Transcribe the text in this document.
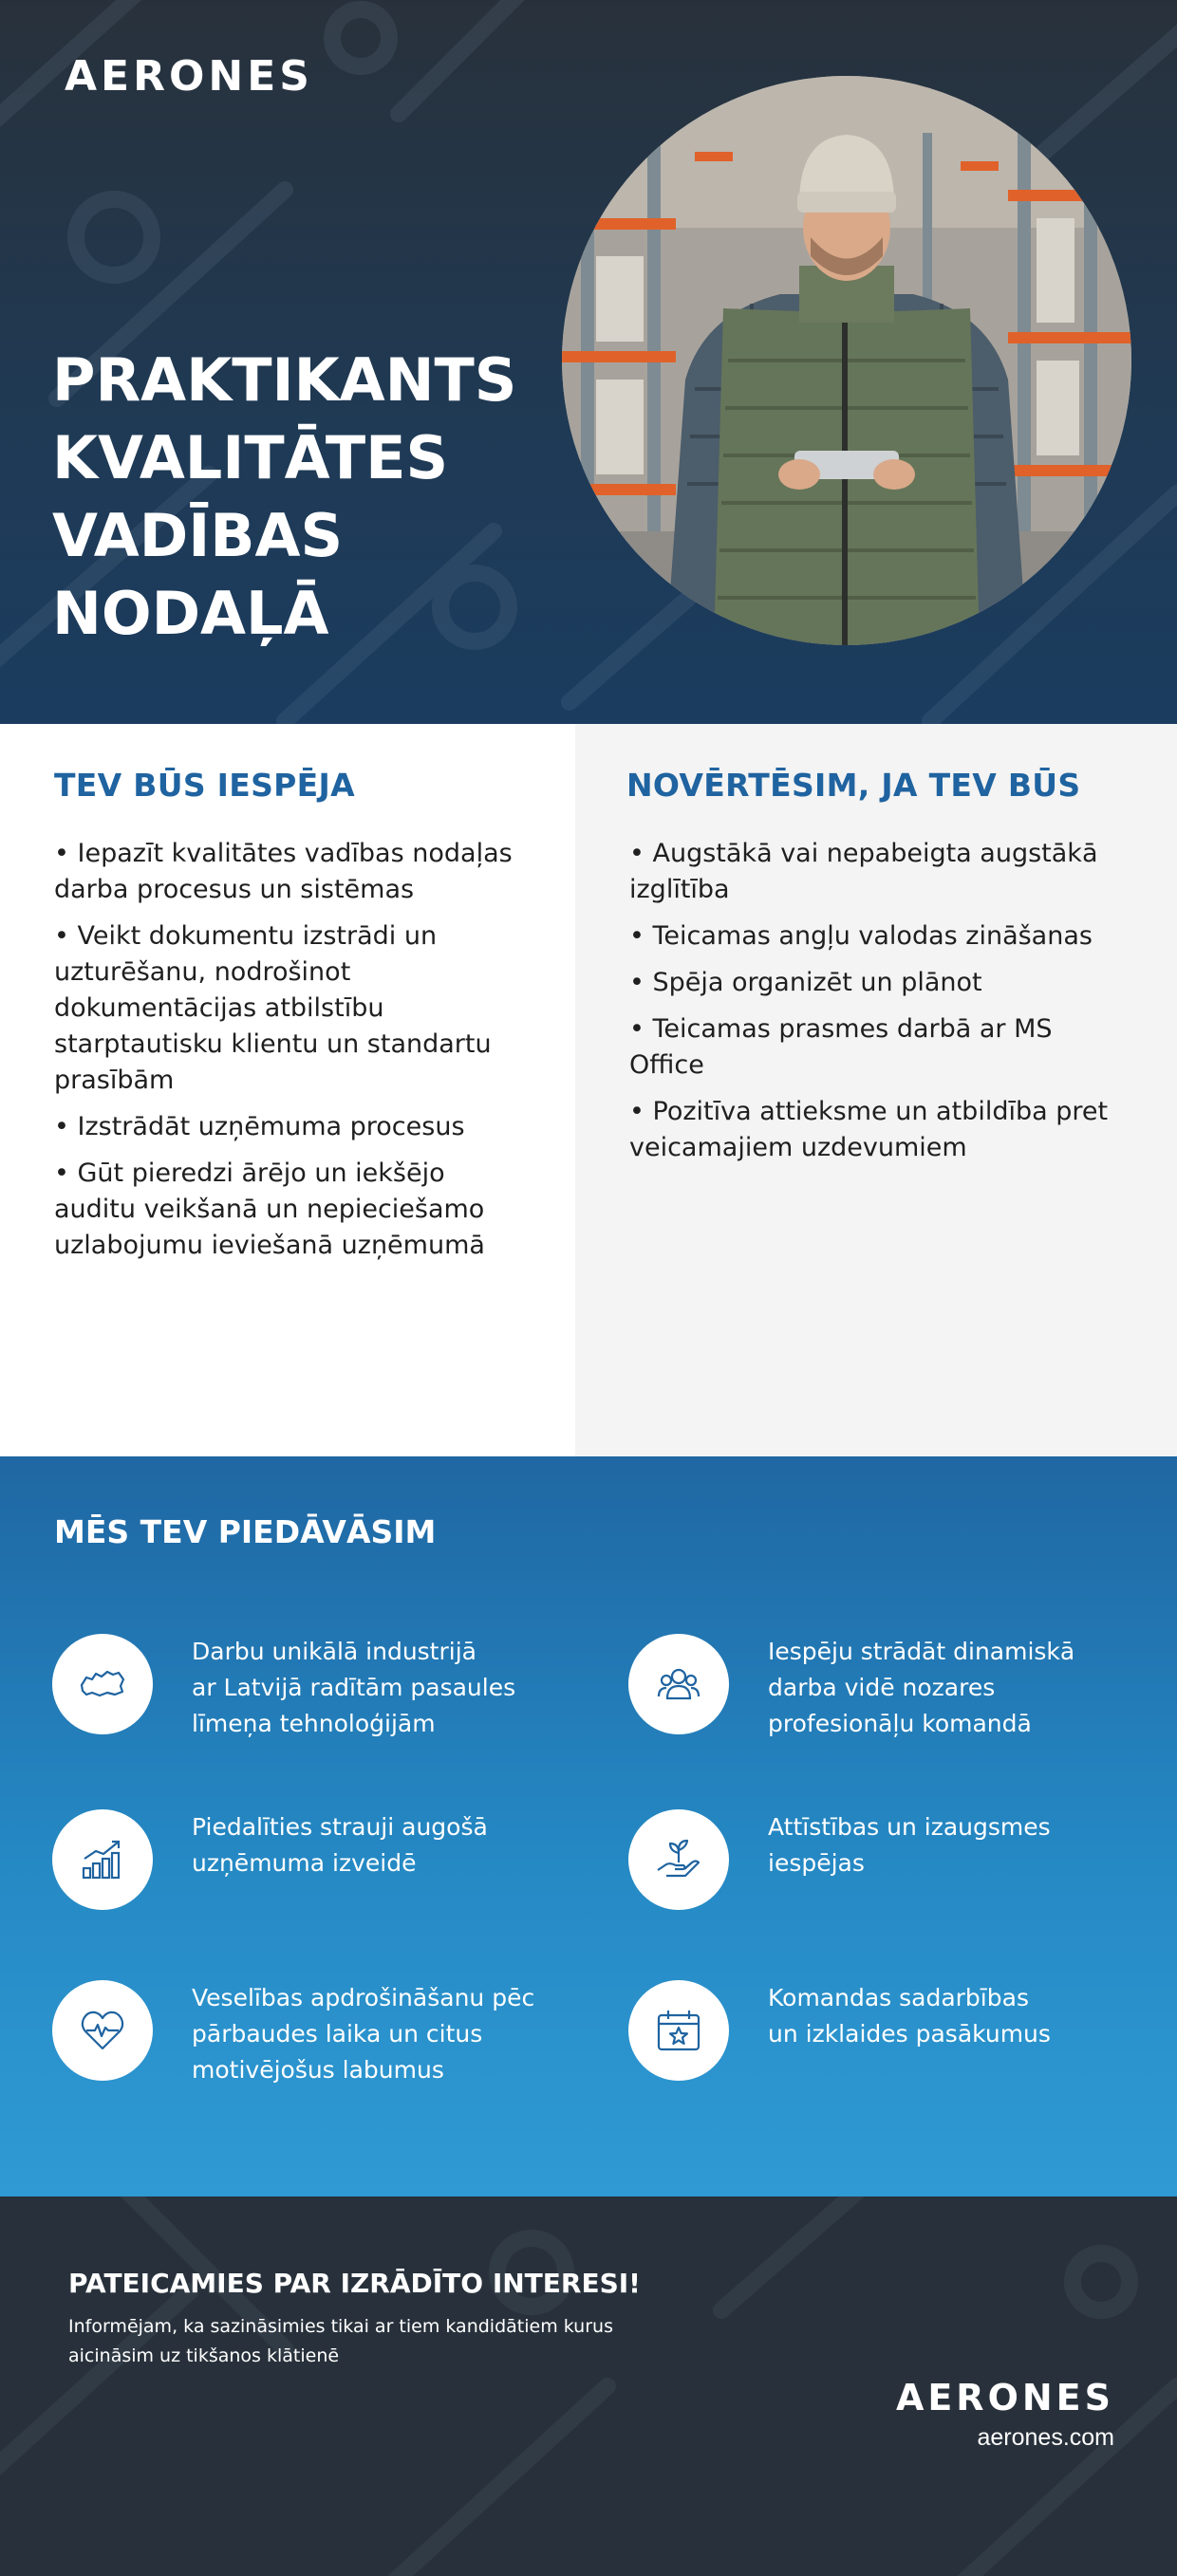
AERONES
PRAKTIKANTS
KVALITĀTES
VADĪBAS
NODAĻĀ
TEV BŪS IESPĒJA
• Iepazīt kvalitātes vadības nodaļas darba procesus un sistēmas
• Veikt dokumentu izstrādi un uzturēšanu, nodrošinot dokumentācijas atbilstību starptautisku klientu un standartu prasībām
• Izstrādāt uzņēmuma procesus
• Gūt pieredzi ārējo un iekšējo auditu veikšanā un nepieciešamo uzlabojumu ieviešanā uzņēmumā
NOVĒRTĒSIM, JA TEV BŪS
• Augstākā vai nepabeigta augstākā izglītība
• Teicamas angļu valodas zināšanas
• Spēja organizēt un plānot
• Teicamas prasmes darbā ar MS Office
• Pozitīva attieksme un atbildība pret veicamajiem uzdevumiem
MĒS TEV PIEDĀVĀSIM
Darbu unikālā industrijā
ar Latvijā radītām pasaules
līmeņa tehnoloģijām
Iespēju strādāt dinamiskā
darba vidē nozares
profesionāļu komandā
Piedalīties strauji augošā
uzņēmuma izveidē
Attīstības un izaugsmes
iespējas
Veselības apdrošināšanu pēc
pārbaudes laika un citus
motivējošus labumus
Komandas sadarbības
un izklaides pasākumus
PATEICAMIES PAR IZRĀDĪTO INTERESI!
Informējam, ka sazināsimies tikai ar tiem kandidātiem kurus
aicināsim uz tikšanos klātienē
AERONES
aerones.com
